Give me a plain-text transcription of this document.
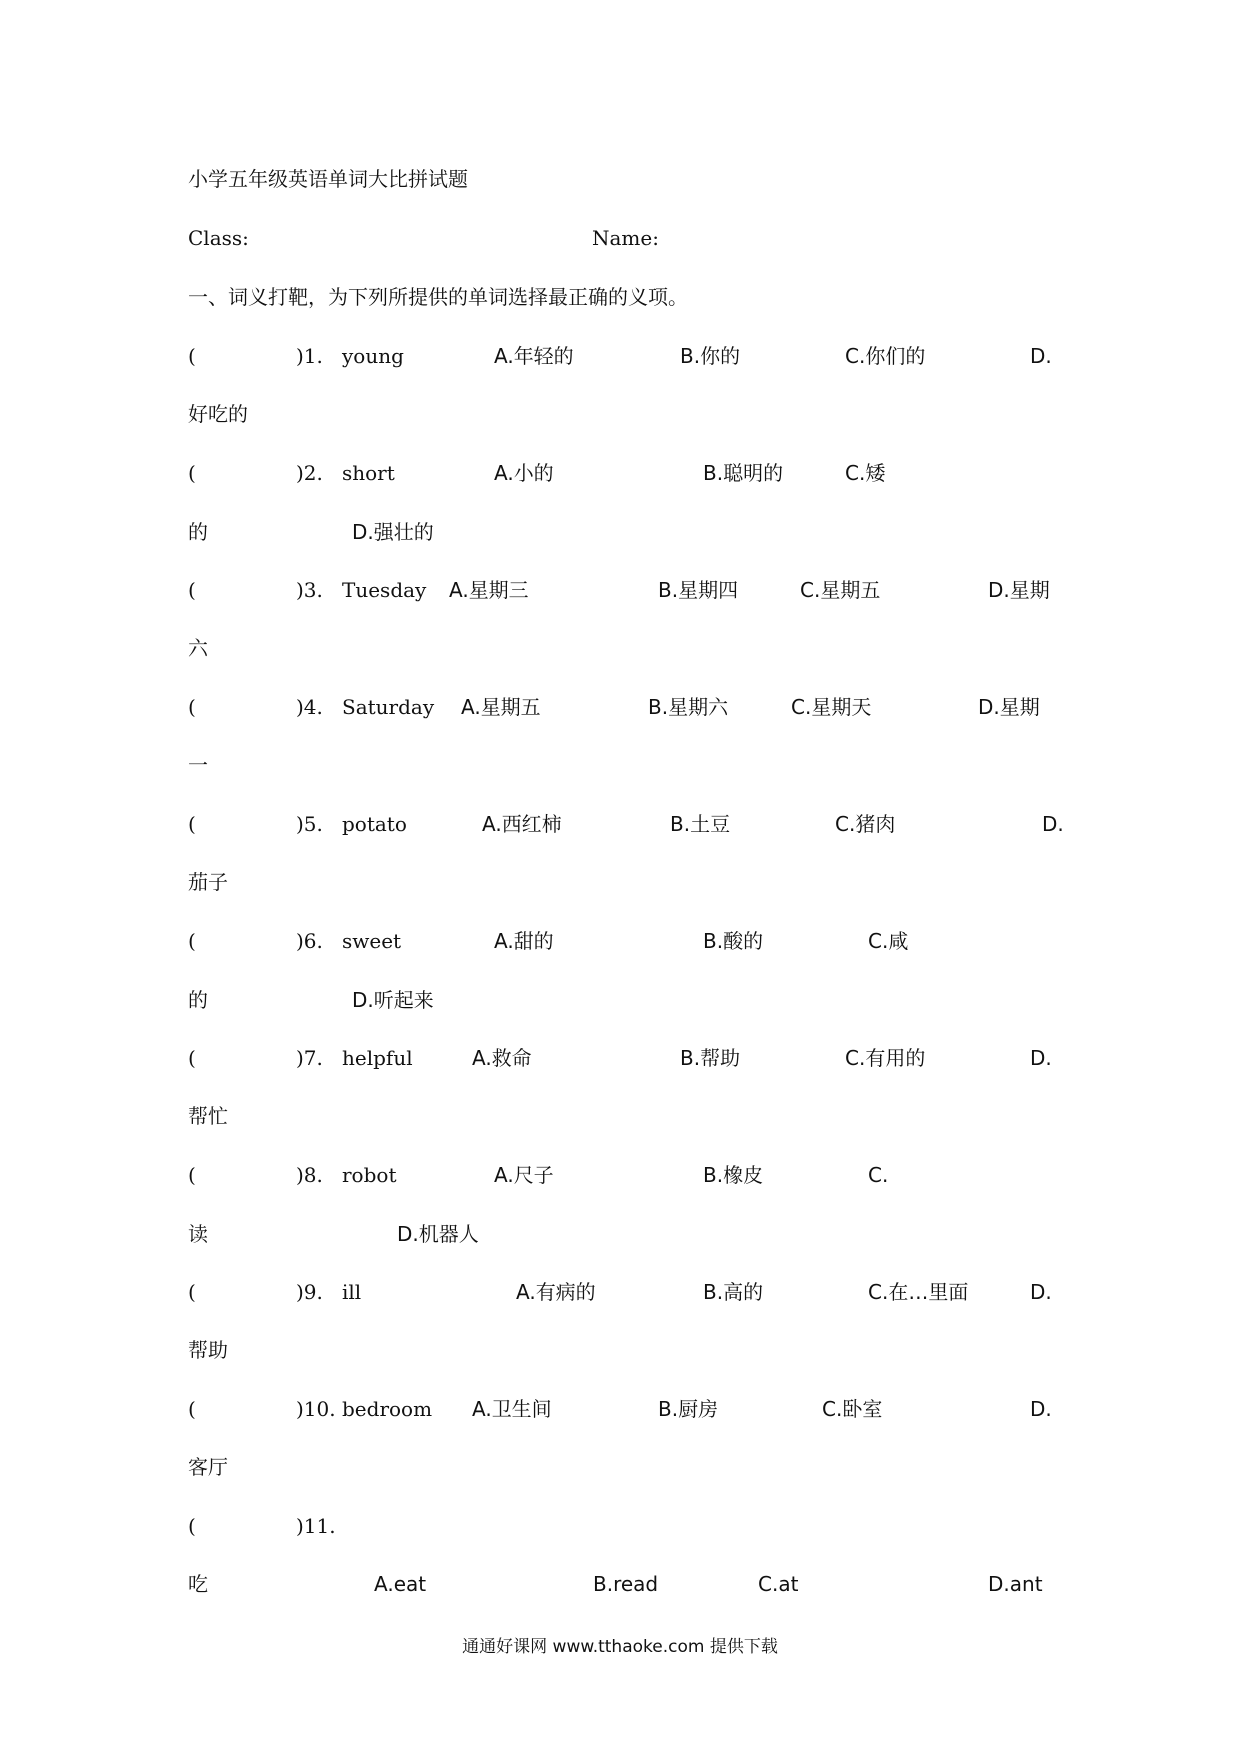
小学五年级英语单词大比拼试题
Class:	Name:
一、词义打靶，为下列所提供的单词选择最正确的义项。
(	)1. young	A.年轻的	B.你的	C.你们的	D.
好吃的
(	)2. short	A.小的	B.聪明的	C.矮
的	D.强壮的
(	)3. Tuesday A.星期三	B.星期四	C.星期五	D.星期
六
(	)4. Saturday A.星期五	B.星期六	C.星期天	D.星期
一
(	)5. potato	A.西红柿	B.土豆	C.猪肉	D.
茄子
(	)6. sweet	A.甜的	B.酸的	C.咸
的	D.听起来
(	)7. helpful	A.救命	B.帮助	C.有用的	D.
帮忙
(	)8. robot	A.尺子	B.橡皮	C.
读	D.机器人
(	)9. ill	A.有病的	B.高的	C.在…里面	D.
帮助
(	)10. bedroom A.卫生间	B.厨房	C.卧室	D.
客厅
(	)11.
吃	A.eat	B.read	C.at	D.ant
通通好课网 www.tthaoke.com 提供下载
